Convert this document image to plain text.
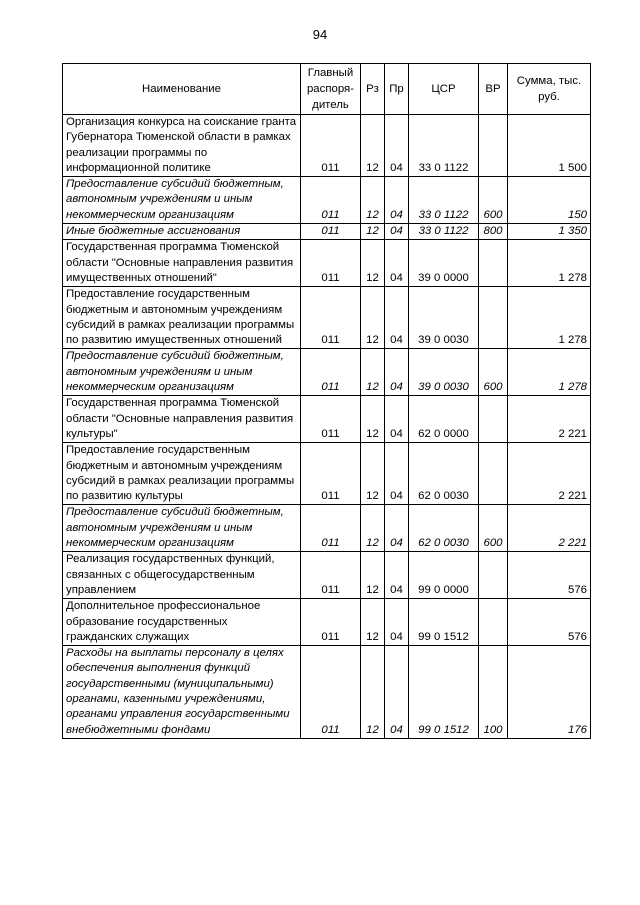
94
Наименование	Главный распоря-дитель	Рз	Пр	ЦСР	ВР	Сумма, тыс. руб.
Организация конкурса на соискание гранта Губернатора Тюменской области в рамках реализации программы по информационной политике	011	12	04	33 0 1122		1 500
Предоставление субсидий бюджетным, автономным учреждениям и иным некоммерческим организациям	011	12	04	33 0 1122	600	150
Иные бюджетные ассигнования	011	12	04	33 0 1122	800	1 350
Государственная программа Тюменской области "Основные направления развития имущественных отношений"	011	12	04	39 0 0000		1 278
Предоставление государственным бюджетным и автономным учреждениям субсидий в рамках реализации программы по развитию имущественных отношений	011	12	04	39 0 0030		1 278
Предоставление субсидий бюджетным, автономным учреждениям и иным некоммерческим организациям	011	12	04	39 0 0030	600	1 278
Государственная программа Тюменской области "Основные направления развития культуры"	011	12	04	62 0 0000		2 221
Предоставление государственным бюджетным и автономным учреждениям субсидий в рамках реализации программы по развитию культуры	011	12	04	62 0 0030		2 221
Предоставление субсидий бюджетным, автономным учреждениям и иным некоммерческим организациям	011	12	04	62 0 0030	600	2 221
Реализация государственных функций, связанных с общегосударственным управлением	011	12	04	99 0 0000		576
Дополнительное профессиональное образование государственных гражданских служащих	011	12	04	99 0 1512		576
Расходы на выплаты персоналу в целях обеспечения выполнения функций государственными (муниципальными) органами, казенными учреждениями, органами управления государственными внебюджетными фондами	011	12	04	99 0 1512	100	176
